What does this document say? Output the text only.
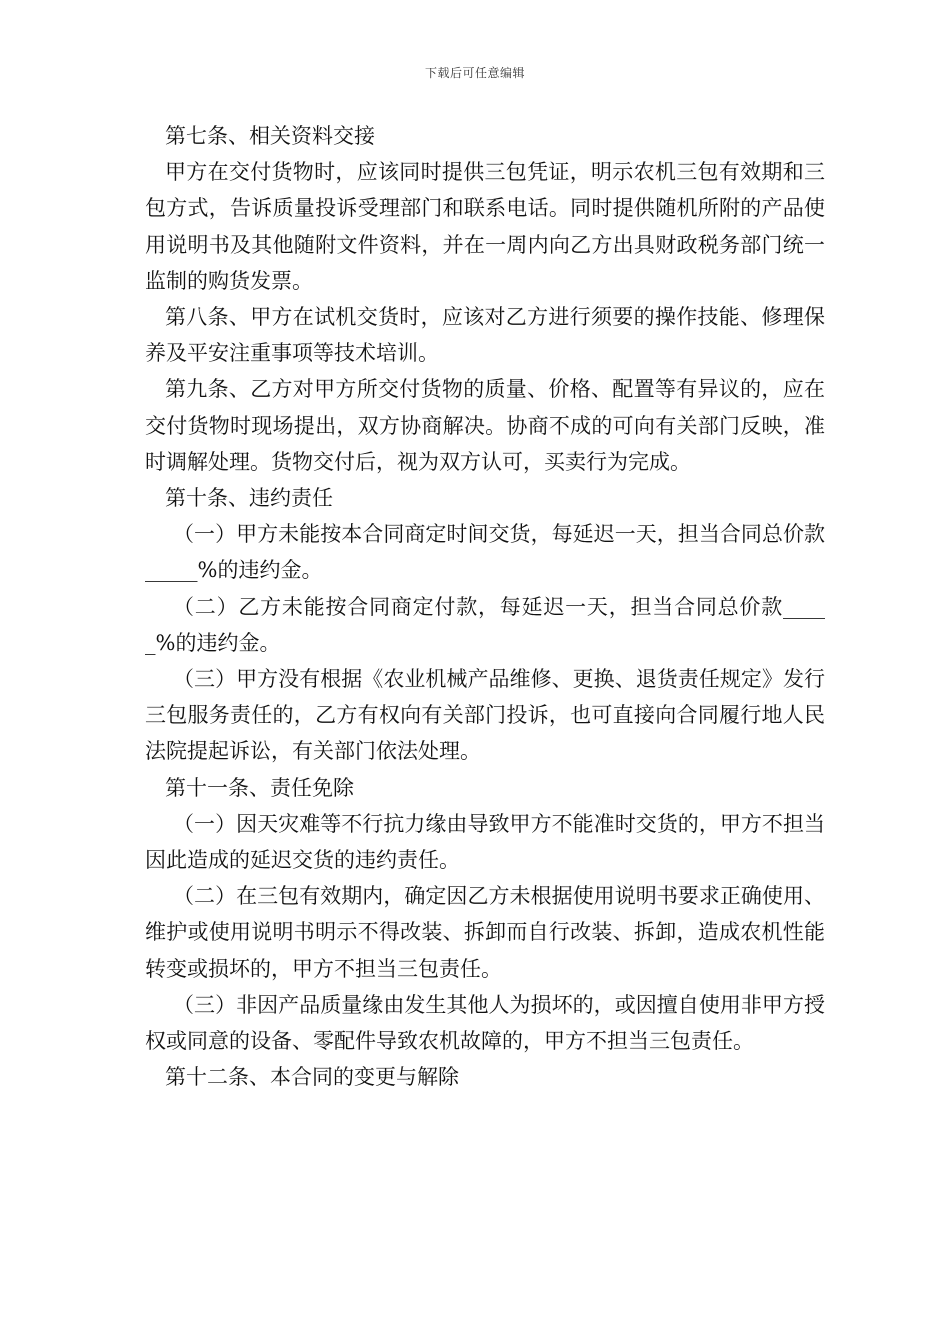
下载后可任意编辑

第七条、相关资料交接

甲方在交付货物时，应该同时提供三包凭证，明示农机三包有效期和三包方式，告诉质量投诉受理部门和联系电话。同时提供随机所附的产品使用说明书及其他随附文件资料，并在一周内向乙方出具财政税务部门统一监制的购货发票。

第八条、甲方在试机交货时，应该对乙方进行须要的操作技能、修理保养及平安注重事项等技术培训。

第九条、乙方对甲方所交付货物的质量、价格、配置等有异议的，应在交付货物时现场提出，双方协商解决。协商不成的可向有关部门反映，准时调解处理。货物交付后，视为双方认可，买卖行为完成。

第十条、违约责任

（一）甲方未能按本合同商定时间交货，每延迟一天，担当合同总价款_____%的违约金。

（二）乙方未能按合同商定付款，每延迟一天，担当合同总价款_____%的违约金。

（三）甲方没有根据《农业机械产品维修、更换、退货责任规定》发行三包服务责任的，乙方有权向有关部门投诉，也可直接向合同履行地人民法院提起诉讼，有关部门依法处理。

第十一条、责任免除

（一）因天灾难等不行抗力缘由导致甲方不能准时交货的，甲方不担当因此造成的延迟交货的违约责任。

（二）在三包有效期内，确定因乙方未根据使用说明书要求正确使用、维护或使用说明书明示不得改装、拆卸而自行改装、拆卸，造成农机性能转变或损坏的，甲方不担当三包责任。

（三）非因产品质量缘由发生其他人为损坏的，或因擅自使用非甲方授权或同意的设备、零配件导致农机故障的，甲方不担当三包责任。

第十二条、本合同的变更与解除
